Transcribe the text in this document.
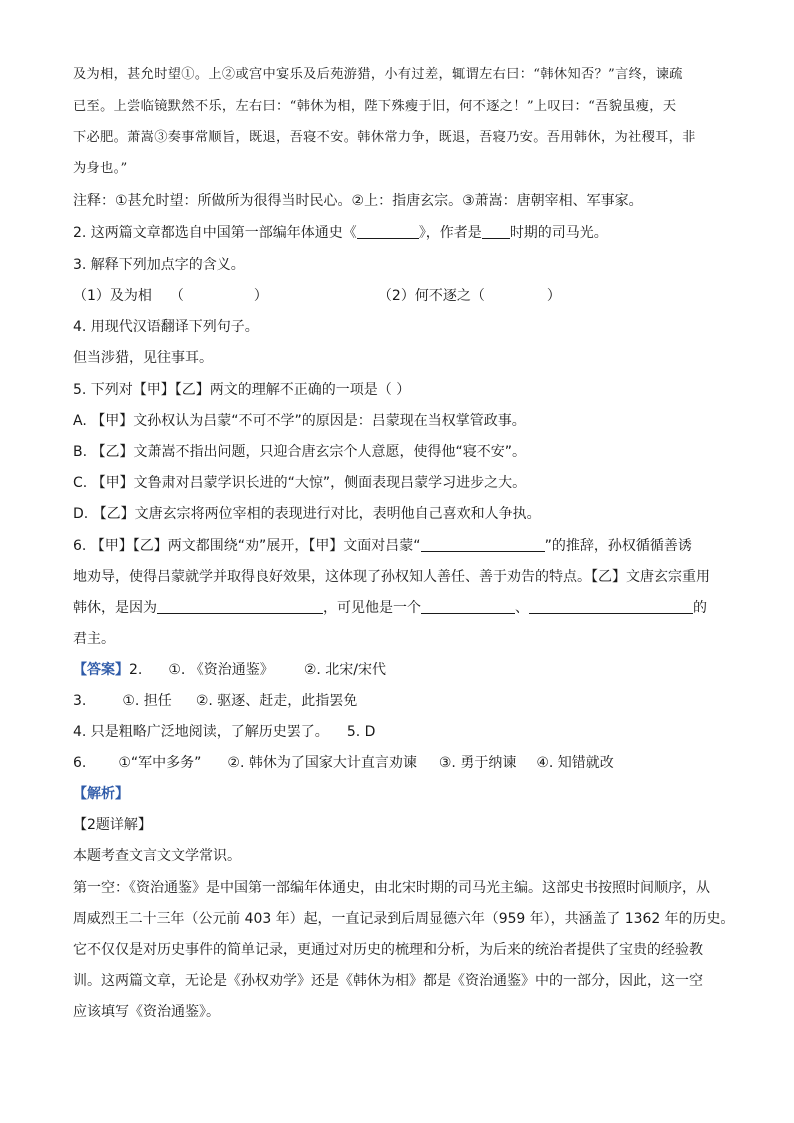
及为相，甚允时望①。上②或宫中宴乐及后苑游猎，小有过差，辄谓左右曰：“韩休知否？”言终，谏疏
已至。上尝临镜默然不乐，左右曰：“韩休为相，陛下殊瘦于旧，何不逐之！”上叹曰：“吾貌虽瘦，天
下必肥。萧嵩③奏事常顺旨，既退，吾寝不安。韩休常力争，既退，吾寝乃安。吾用韩休，为社稷耳，非
为身也。”
注释：①甚允时望：所做所为很得当时民心。②上：指唐玄宗。③萧嵩：唐朝宰相、军事家。
2. 这两篇文章都选自中国第一部编年体通史《	》，作者是 时期的司马光。
3. 解释下列加点字的含义。
（1）及为相 （	）	（2）何不逐之（	）
4. 用现代汉语翻译下列句子。
但当涉猎，见往事耳。
5. 下列对【甲】【乙】两文的理解不正确的一项是（ ）
A. 【甲】文孙权认为吕蒙“不可不学”的原因是：吕蒙现在当权掌管政事。
B. 【乙】文萧嵩不指出问题，只迎合唐玄宗个人意愿，使得他“寝不安”。
C. 【甲】文鲁肃对吕蒙学识长进的“大惊”，侧面表现吕蒙学习进步之大。
D. 【乙】文唐玄宗将两位宰相的表现进行对比，表明他自己喜欢和人争执。
6. 【甲】【乙】两文都围绕“劝”展开，【甲】文面对吕蒙“	”的推辞，孙权循循善诱
地劝导，使得吕蒙就学并取得良好效果，这体现了孙权知人善任、善于劝告的特点。【乙】文唐玄宗重用
韩休，是因为	，可见他是一个	、	的
君主。
【答案】2. ①. 《资治通鉴》 ②. 北宋/宋代
3.	①. 担任 ②. 驱逐、赶走，此指罢免
4. 只是粗略广泛地阅读，了解历史罢了。 5. D
6. ①“军中多务” ②. 韩休为了国家大计直言劝谏 ③. 勇于纳谏 ④. 知错就改
【解析】
【2题详解】
本题考查文言文文学常识。
第一空：《资治通鉴》是中国第一部编年体通史，由北宋时期的司马光主编。这部史书按照时间顺序，从
周威烈王二十三年（公元前 403 年）起，一直记录到后周显德六年（959 年），共涵盖了 1362 年的历史。
它不仅仅是对历史事件的简单记录，更通过对历史的梳理和分析，为后来的统治者提供了宝贵的经验教
训。这两篇文章，无论是《孙权劝学》还是《韩休为相》都是《资治通鉴》中的一部分，因此，这一空
应该填写《资治通鉴》。
